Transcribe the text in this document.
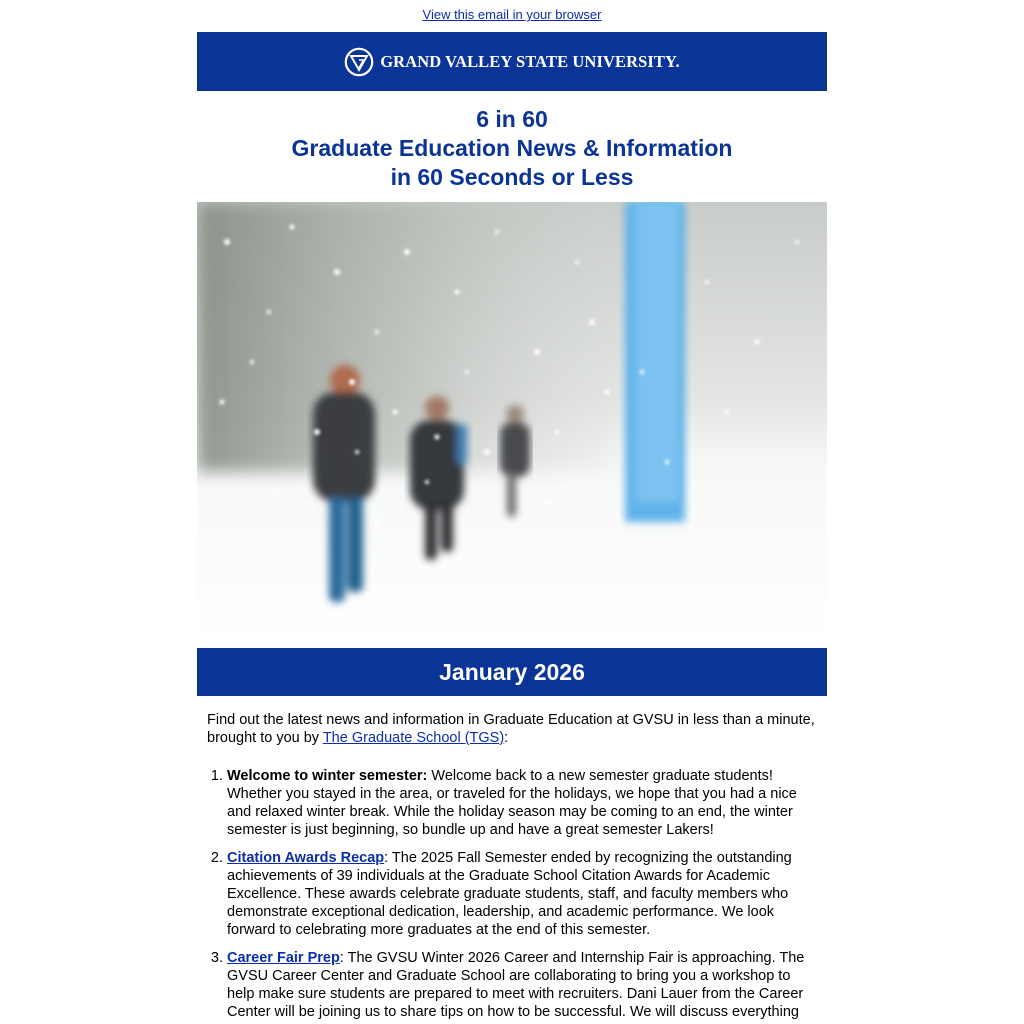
View this email in your browser
GRAND VALLEY STATE UNIVERSITY.
6 in 60
Graduate Education News & Information
in 60 Seconds or Less
January 2026

Find out the latest news and information in Graduate Education at GVSU in less than a minute, brought to you by The Graduate School (TGS):

1. Welcome to winter semester: Welcome back to a new semester graduate students! Whether you stayed in the area, or traveled for the holidays, we hope that you had a nice and relaxed winter break. While the holiday season may be coming to an end, the winter semester is just beginning, so bundle up and have a great semester Lakers!
2. Citation Awards Recap: The 2025 Fall Semester ended by recognizing the outstanding achievements of 39 individuals at the Graduate School Citation Awards for Academic Excellence. These awards celebrate graduate students, staff, and faculty members who demonstrate exceptional dedication, leadership, and academic performance. We look forward to celebrating more graduates at the end of this semester.
3. Career Fair Prep: The GVSU Winter 2026 Career and Internship Fair is approaching. The GVSU Career Center and Graduate School are collaborating to bring you a workshop to help make sure students are prepared to meet with recruiters. Dani Lauer from the Career Center will be joining us to share tips on how to be successful. We will discuss everything
